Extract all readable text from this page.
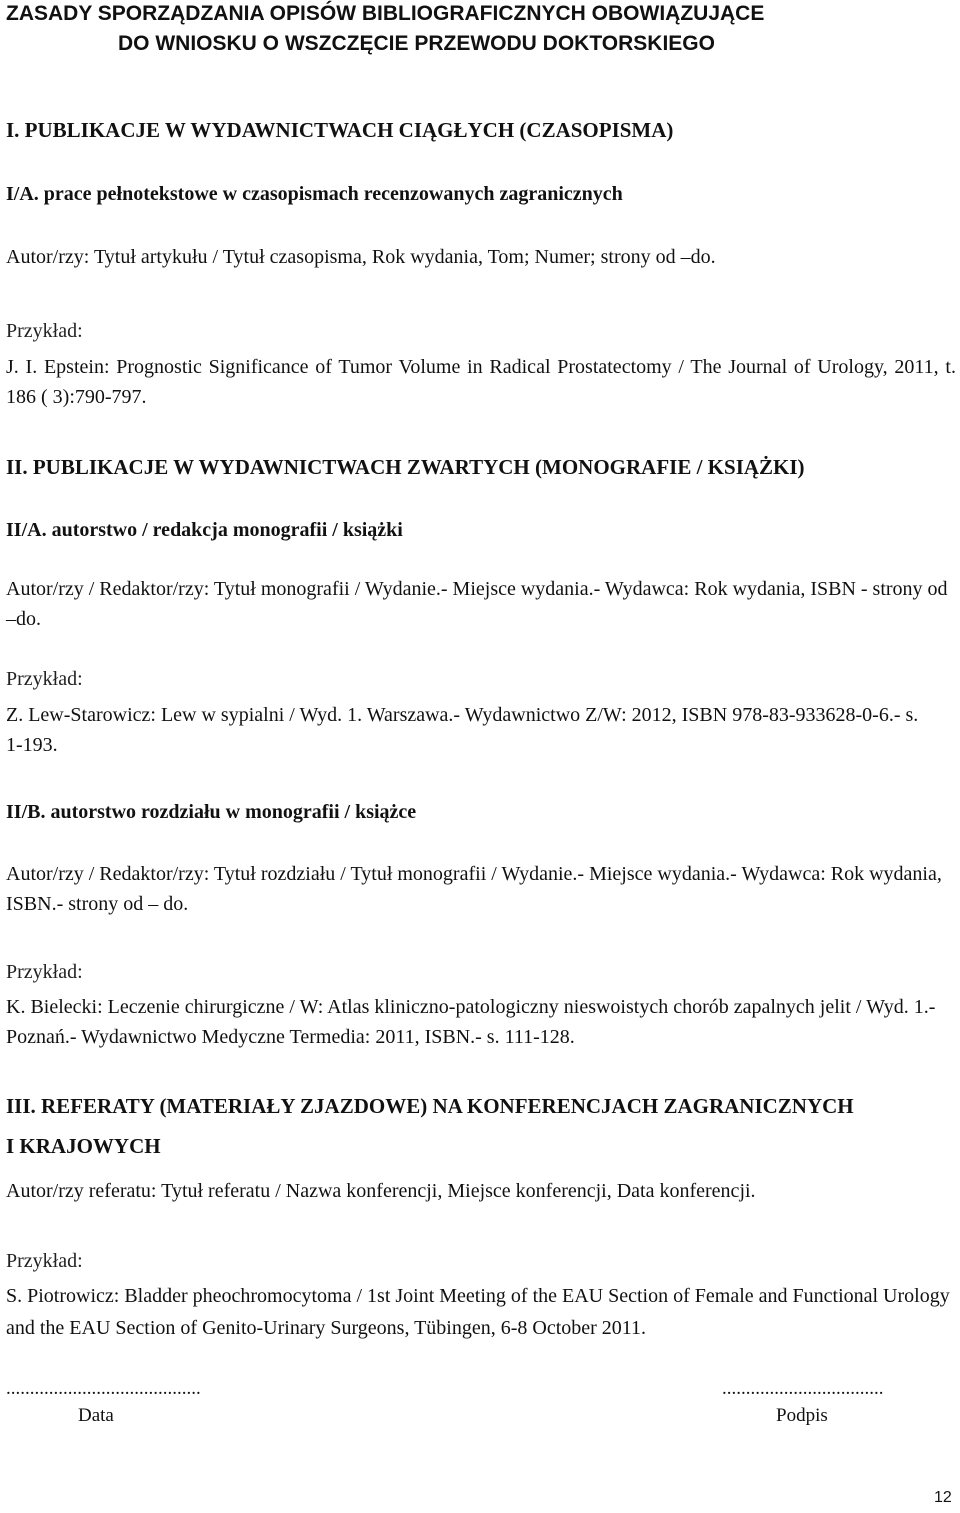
ZASADY SPORZĄDZANIA OPISÓW BIBLIOGRAFICZNYCH OBOWIĄZUJĄCE
DO WNIOSKU O WSZCZĘCIE PRZEWODU DOKTORSKIEGO
I. PUBLIKACJE W WYDAWNICTWACH CIĄGŁYCH (CZASOPISMA)
I/A. prace pełnotekstowe w czasopismach recenzowanych zagranicznych
Autor/rzy: Tytuł artykułu / Tytuł czasopisma, Rok wydania, Tom; Numer; strony od –do.
Przykład:
J. I. Epstein: Prognostic Significance of Tumor Volume in Radical Prostatectomy / The Journal of Urology, 2011, t. 186 ( 3):790-797.
II. PUBLIKACJE W WYDAWNICTWACH ZWARTYCH (MONOGRAFIE / KSIĄŻKI)
II/A. autorstwo / redakcja monografii / książki
Autor/rzy / Redaktor/rzy: Tytuł monografii / Wydanie.- Miejsce wydania.- Wydawca: Rok wydania, ISBN - strony od –do.
Przykład:
Z. Lew-Starowicz: Lew w sypialni / Wyd. 1. Warszawa.- Wydawnictwo Z/W: 2012, ISBN 978-83-933628-0-6.- s. 1-193.
II/B. autorstwo rozdziału w monografii / książce
Autor/rzy / Redaktor/rzy: Tytuł rozdziału / Tytuł monografii / Wydanie.- Miejsce wydania.- Wydawca: Rok wydania, ISBN.- strony od – do.
Przykład:
K. Bielecki: Leczenie chirurgiczne / W: Atlas kliniczno-patologiczny nieswoistych chorób zapalnych jelit / Wyd. 1.- Poznań.- Wydawnictwo Medyczne Termedia: 2011, ISBN.- s. 111-128.
III. REFERATY (MATERIAŁY ZJAZDOWE) NA KONFERENCJACH ZAGRANICZNYCH
I KRAJOWYCH
Autor/rzy referatu: Tytuł referatu / Nazwa konferencji, Miejsce konferencji, Data konferencji.
Przykład:
S. Piotrowicz: Bladder pheochromocytoma / 1st Joint Meeting of the EAU Section of Female and Functional Urology and the EAU Section of Genito-Urinary Surgeons, Tübingen, 6-8 October 2011.
.........................................
Data
..................................
Podpis
12
